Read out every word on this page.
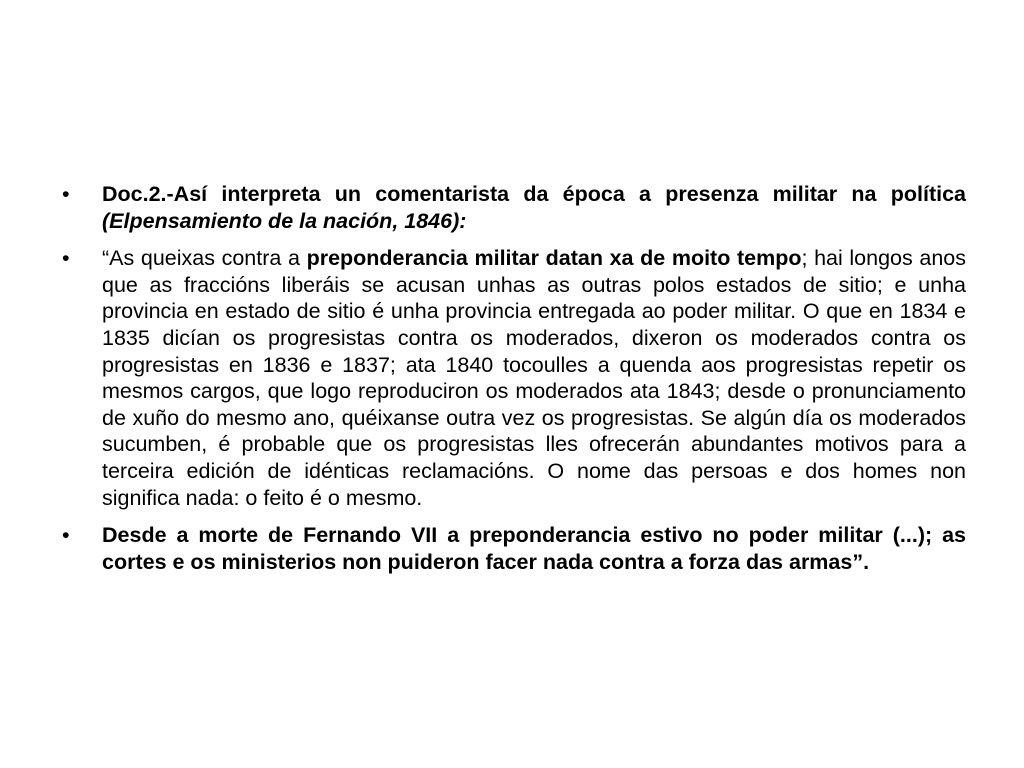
•	Doc.2.-Así interpreta un comentarista da época a presenza militar na política (Elpensamiento de la nación, 1846):
•	“As queixas contra a preponderancia militar datan xa de moito tempo; hai longos anos que as fraccións liberáis se acusan unhas as outras polos estados de sitio; e unha provincia en estado de sitio é unha provincia entregada ao poder militar. O que en 1834 e 1835 dicían os progresistas contra os moderados, dixeron os moderados contra os progresistas en 1836 e 1837; ata 1840 tocoulles a quenda aos progresistas repetir os mesmos cargos, que logo reproduciron os moderados ata 1843; desde o pronunciamento de xuño do mesmo ano, quéixanse outra vez os progresistas. Se algún día os moderados sucumben, é probable que os progresistas lles ofrecerán abundantes motivos para a terceira edición de idénticas reclamacións. O nome das persoas e dos homes non significa nada: o feito é o mesmo.
•	Desde a morte de Fernando VII a preponderancia estivo no poder militar (...); as cortes e os ministerios non puideron facer nada contra a forza das armas”.
